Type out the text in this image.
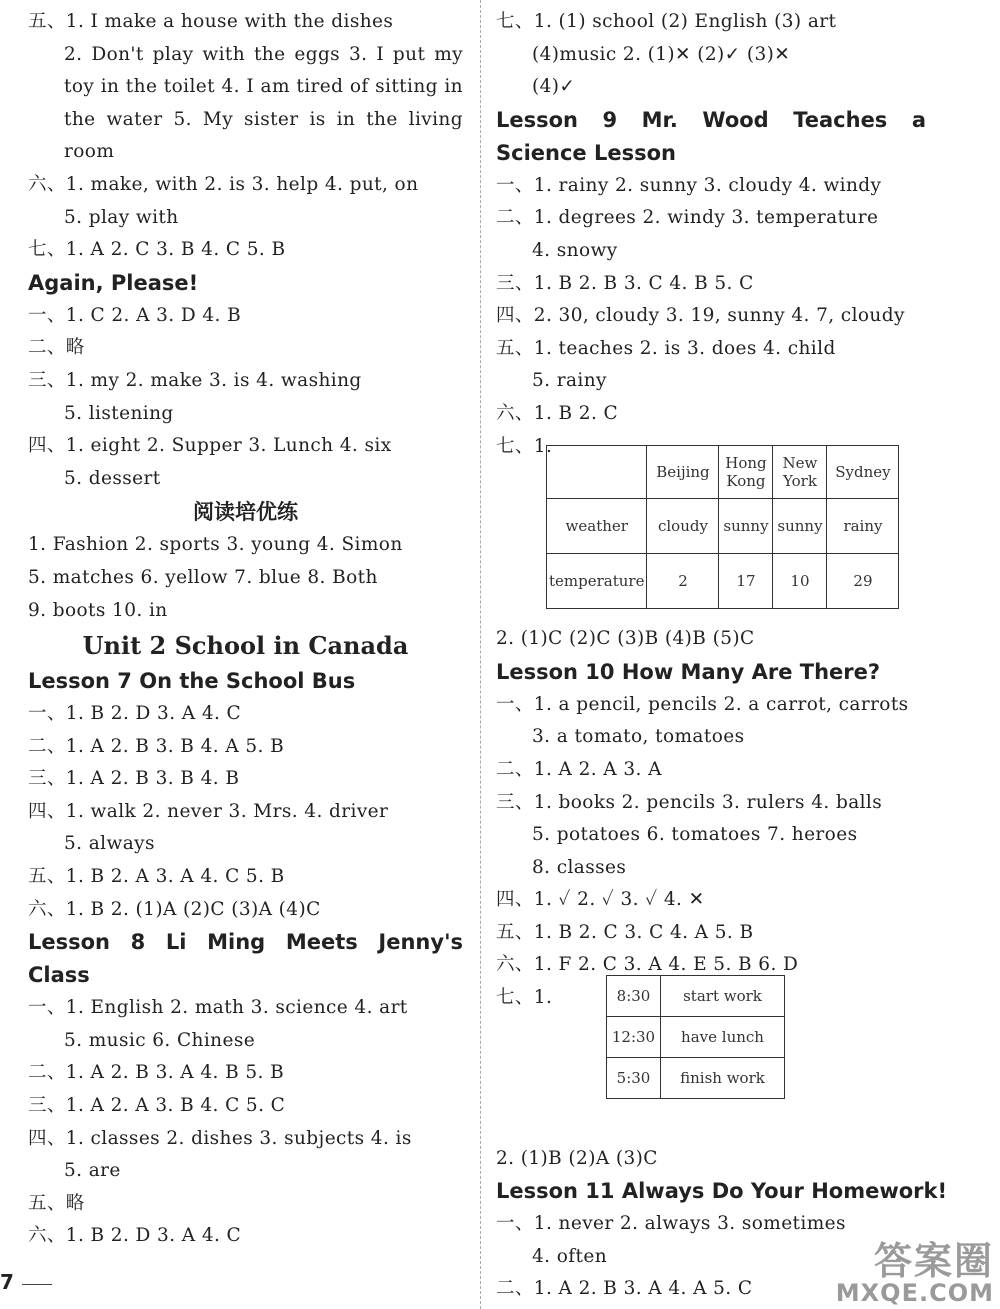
五、1. I make a house with the dishes
2. Don't play with the eggs 3. I put my
toy in the toilet 4. I am tired of sitting in
the water 5. My sister is in the living
room
六、1. make, with 2. is 3. help 4. put, on
5. play with
七、1. A 2. C 3. B 4. C 5. B
Again, Please!
一、1. C 2. A 3. D 4. B
二、略
三、1. my 2. make 3. is 4. washing
5. listening
四、1. eight 2. Supper 3. Lunch 4. six
5. dessert
阅读培优练
1. Fashion 2. sports 3. young 4. Simon
5. matches 6. yellow 7. blue 8. Both
9. boots 10. in
Unit 2 School in Canada
Lesson 7 On the School Bus
一、1. B 2. D 3. A 4. C
二、1. A 2. B 3. B 4. A 5. B
三、1. A 2. B 3. B 4. B
四、1. walk 2. never 3. Mrs. 4. driver
5. always
五、1. B 2. A 3. A 4. C 5. B
六、1. B 2. (1)A (2)C (3)A (4)C
Lesson 8 Li Ming Meets Jenny's
Class
一、1. English 2. math 3. science 4. art
5. music 6. Chinese
二、1. A 2. B 3. A 4. B 5. B
三、1. A 2. A 3. B 4. C 5. C
四、1. classes 2. dishes 3. subjects 4. is
5. are
五、略
六、1. B 2. D 3. A 4. C
七、1. (1) school (2) English (3) art
(4)music 2. (1)✕ (2)✓ (3)✕
(4)✓
Lesson 9 Mr. Wood Teaches a
Science Lesson
一、1. rainy 2. sunny 3. cloudy 4. windy
二、1. degrees 2. windy 3. temperature
4. snowy
三、1. B 2. B 3. C 4. B 5. C
四、2. 30, cloudy 3. 19, sunny 4. 7, cloudy
五、1. teaches 2. is 3. does 4. child
5. rainy
六、1. B 2. C
七、1.
2. (1)C (2)C (3)B (4)B (5)C
Lesson 10 How Many Are There?
一、1. a pencil, pencils 2. a carrot, carrots
3. a tomato, tomatoes
二、1. A 2. A 3. A
三、1. books 2. pencils 3. rulers 4. balls
5. potatoes 6. tomatoes 7. heroes
8. classes
四、1. ✓ 2. ✓ 3. ✓ 4. ✕
五、1. B 2. C 3. C 4. A 5. B
六、1. F 2. C 3. A 4. E 5. B 6. D
七、1.
2. (1)B (2)A (3)C
Lesson 11 Always Do Your Homework!
一、1. never 2. always 3. sometimes
4. often
二、1. A 2. B 3. A 4. A 5. C
	Beijing	Hong Kong	New York	Sydney
weather	cloudy	sunny	sunny	rainy
temperature	2	17	10	29
8:30	start work
12:30	have lunch
5:30	finish work
7	答案圈
MXQE.COM
